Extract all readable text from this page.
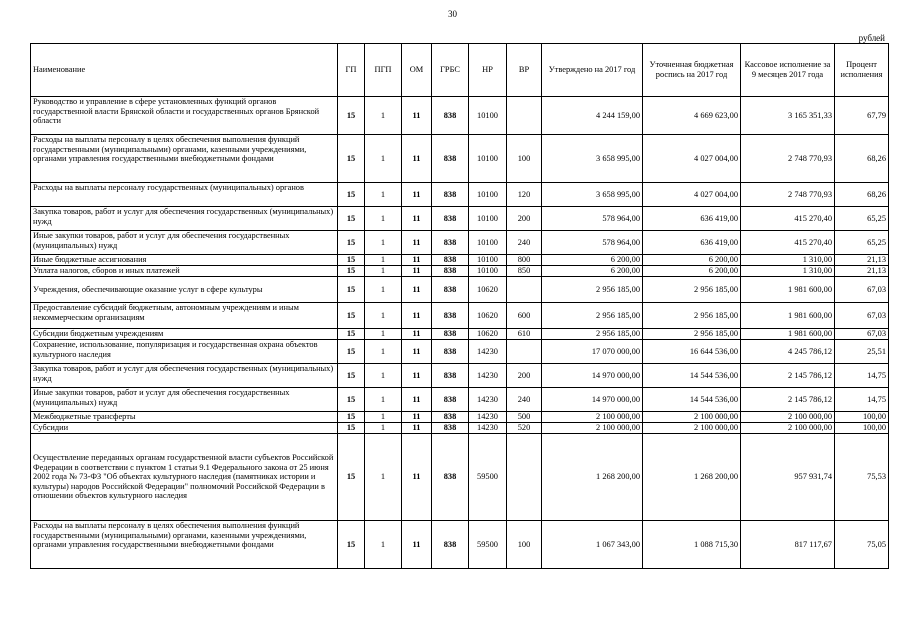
30
рублей
Наименование	ГП	ПГП	ОМ	ГРБС	НР	ВР	Утверждено на 2017 год	Уточненная бюджетная роспись на 2017 год	Кассовое исполнение за 9 месяцев 2017 года	Процент исполнения
Руководство и управление в сфере установленных функций органов государственной власти Брянской области и государственных органов Брянской области	15	1	11	838	10100		4 244 159,00	4 669 623,00	3 165 351,33	67,79
Расходы на выплаты персоналу в целях обеспечения выполнения функций государственными (муниципальными) органами, казенными учреждениями, органами управления государственными внебюджетными фондами	15	1	11	838	10100	100	3 658 995,00	4 027 004,00	2 748 770,93	68,26
Расходы на выплаты персоналу государственных (муниципальных) органов	15	1	11	838	10100	120	3 658 995,00	4 027 004,00	2 748 770,93	68,26
Закупка товаров, работ и услуг для обеспечения государственных (муниципальных) нужд	15	1	11	838	10100	200	578 964,00	636 419,00	415 270,40	65,25
Иные закупки товаров, работ и услуг для обеспечения государственных (муниципальных) нужд	15	1	11	838	10100	240	578 964,00	636 419,00	415 270,40	65,25
Иные бюджетные ассигнования	15	1	11	838	10100	800	6 200,00	6 200,00	1 310,00	21,13
Уплата налогов, сборов и иных платежей	15	1	11	838	10100	850	6 200,00	6 200,00	1 310,00	21,13
Учреждения, обеспечивающие оказание услуг в сфере культуры	15	1	11	838	10620		2 956 185,00	2 956 185,00	1 981 600,00	67,03
Предоставление субсидий бюджетным, автономным учреждениям и иным некоммерческим организациям	15	1	11	838	10620	600	2 956 185,00	2 956 185,00	1 981 600,00	67,03
Субсидии бюджетным учреждениям	15	1	11	838	10620	610	2 956 185,00	2 956 185,00	1 981 600,00	67,03
Сохранение, использование, популяризация и государственная охрана объектов культурного наследия	15	1	11	838	14230		17 070 000,00	16 644 536,00	4 245 786,12	25,51
Закупка товаров, работ и услуг для обеспечения государственных (муниципальных) нужд	15	1	11	838	14230	200	14 970 000,00	14 544 536,00	2 145 786,12	14,75
Иные закупки товаров, работ и услуг для обеспечения государственных (муниципальных) нужд	15	1	11	838	14230	240	14 970 000,00	14 544 536,00	2 145 786,12	14,75
Межбюджетные трансферты	15	1	11	838	14230	500	2 100 000,00	2 100 000,00	2 100 000,00	100,00
Субсидии	15	1	11	838	14230	520	2 100 000,00	2 100 000,00	2 100 000,00	100,00
Осуществление переданных органам государственной власти субъектов Российской Федерации в соответствии с пунктом 1 статьи 9.1 Федерального закона от 25 июня 2002 года № 73-ФЗ "Об объектах культурного наследия (памятниках истории и культуры) народов Российской Федерации" полномочий Российской Федерации в отношении объектов культурного наследия	15	1	11	838	59500		1 268 200,00	1 268 200,00	957 931,74	75,53
Расходы на выплаты персоналу в целях обеспечения выполнения функций государственными (муниципальными) органами, казенными учреждениями, органами управления государственными внебюджетными фондами	15	1	11	838	59500	100	1 067 343,00	1 088 715,30	817 117,67	75,05
